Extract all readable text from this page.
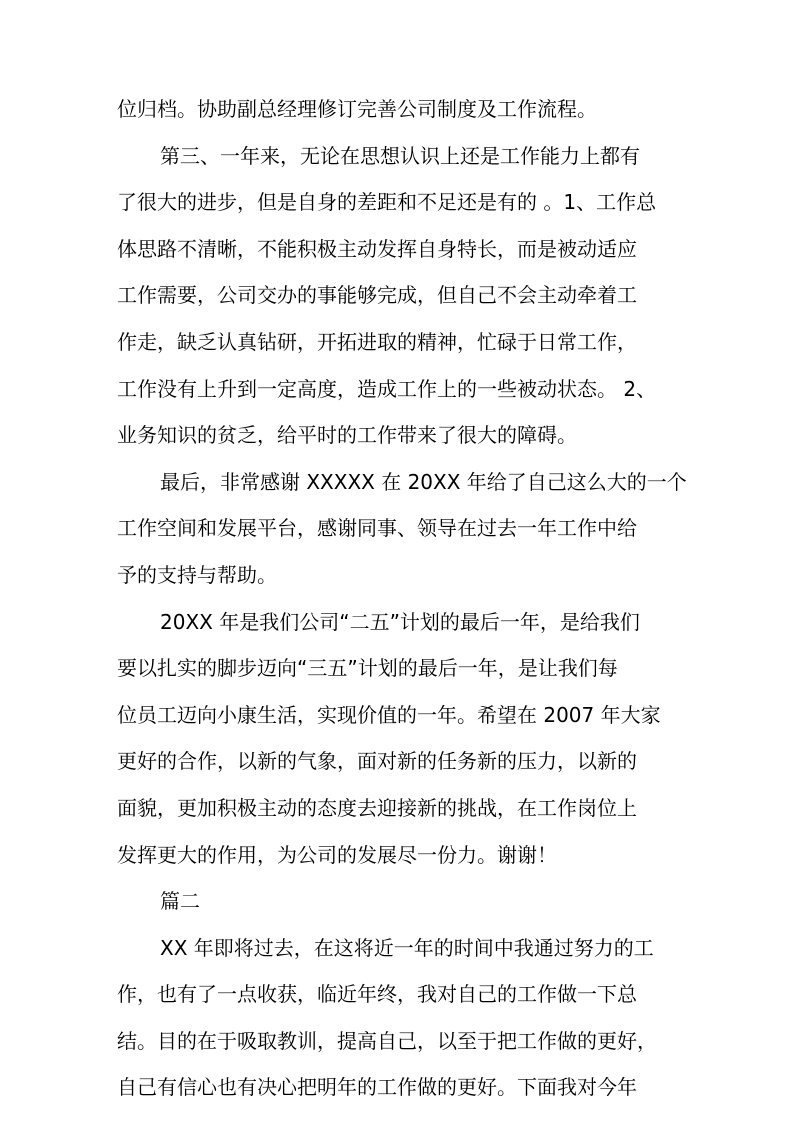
位归档。协助副总经理修订完善公司制度及工作流程。
第三、一年来，无论在思想认识上还是工作能力上都有
了很大的进步，但是自身的差距和不足还是有的 。1、工作总
体思路不清晰，不能积极主动发挥自身特长，而是被动适应
工作需要，公司交办的事能够完成，但自己不会主动牵着工
作走，缺乏认真钻研，开拓进取的精神，忙碌于日常工作，
工作没有上升到一定高度，造成工作上的一些被动状态。 2、
业务知识的贫乏，给平时的工作带来了很大的障碍。
最后，非常感谢 XXXXX 在 20XX 年给了自己这么大的一个
工作空间和发展平台，感谢同事、领导在过去一年工作中给
予的支持与帮助。
20XX 年是我们公司“二五”计划的最后一年，是给我们
要以扎实的脚步迈向“三五”计划的最后一年，是让我们每
位员工迈向小康生活，实现价值的一年。希望在 2007 年大家
更好的合作，以新的气象，面对新的任务新的压力，以新的
面貌，更加积极主动的态度去迎接新的挑战，在工作岗位上
发挥更大的作用，为公司的发展尽一份力。谢谢！
篇二
XX 年即将过去，在这将近一年的时间中我通过努力的工
作，也有了一点收获，临近年终，我对自己的工作做一下总
结。目的在于吸取教训，提高自己，以至于把工作做的更好，
自己有信心也有决心把明年的工作做的更好。下面我对今年
